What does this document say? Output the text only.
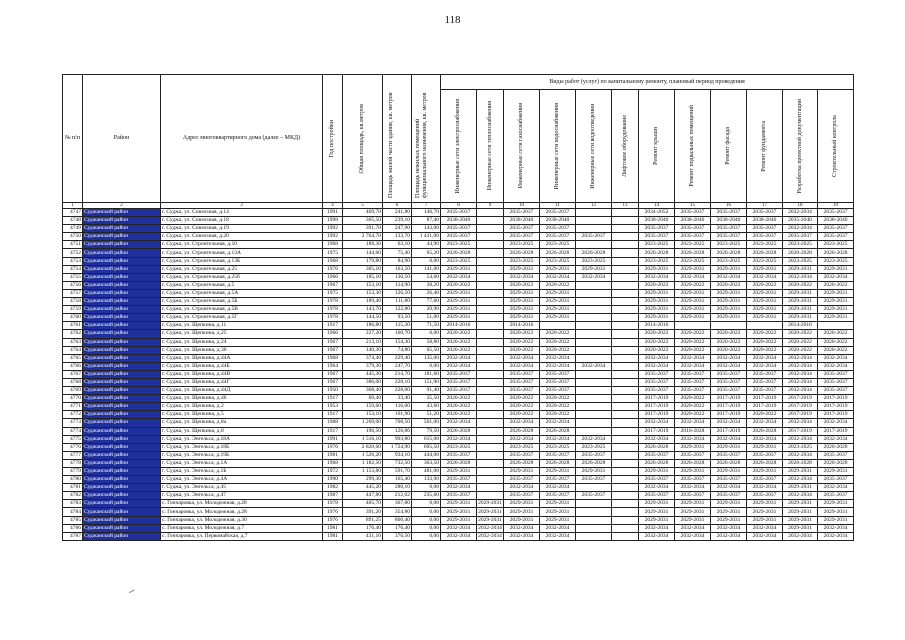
118
№ п/п	Район	Адрес многоквартирного дома (далее – МКД)	Год постройки	Общая площадь, кв.метров	Площадь жилой части здания, кв. метров	Площадь нежилых помещений функционального назначения, кв. метров	Виды работ (услуг) по капитальному ремонту, плановый период проведения											

							Инженерные сети электроснабжения	Инженерные сети теплоснабжения	Инженерные сети газоснабжения	Инженерные сети водоснабжения	Инженерные сети водоотведения	Лифтовое оборудование	Ремонт крыши	Ремонт подвальных помещений	Ремонт фасада	Ремонт фундамента	Разработка проектной документации	Строительный контроль

1	2	3	4	5	6	7	8	9	10	11	12	13	14	15	16	17	18	19
4747	Суджанский район	г. Суджа, ул. Совхозная, д.14	1991	469,70	241,80	146,70	2035-2037		2035-2037	2035-2037			2034-2052	2035-2037	2035-2037	2035-2037	2032-2034	2035-2037
4748	Суджанский район	г. Суджа, ул. Совхозная, д.18	1998	365,50	239,10	87,40	2038-2040		2038-2040	2038-2040			2038-2040	2038-2040	2038-2040	2038-2040	2035-2040	2038-2040
4749	Суджанский район	г. Суджа, ул. Совхозная, д.19	1992	391,70	247,90	143,00	2035-2037		2035-2037	2035-2037			2035-2037	2035-2037	2035-2037	2035-2037	2032-2034	2035-2037
4750	Суджанский район	г. Суджа, ул. Совхозная, д.20	1992	2 764,70	133,70	1 431,00	2035-2037		2035-2037	2035-2037	2035-2037		2035-2037	2035-2037	2035-2037	2035-2037	2035-2037	2035-2037
4751	Суджанский район	г. Суджа, ул. Строительная, д.10	1968	188,30	63,10	44,90	2023-2025		2023-2025	2023-2025			2023-2025	2023-2025	2023-2025	2023-2025	2023-2025	2023-2025
4752	Суджанский район	г. Суджа, ул. Строительная, д.13А	1975	144,60	75,40	65,20	2026-2028		2026-2028	2026-2028	2026-2028		2026-2028	2026-2028	2026-2028	2026-2028	2026-2028	2026-2028
4753	Суджанский район	г. Суджа, ул. Строительная, д.13Б	1968	179,80	84,90	0,00	2023-2025		2023-2025	2023-2025	2023-2025		2023-2025	2023-2025	2023-2025	2023-2025	2023-2025	2023-2025
4754	Суджанский район	г. Суджа, ул. Строительная, д.25	1976	305,10	163,50	141,00	2029-2031		2029-2031	2029-2031	2029-2031		2029-2031	2029-2031	2029-2031	2029-2031	2029-2031	2029-2031
4755	Суджанский район	г. Суджа, ул. Строительная, д.25б	1966	185,10	130,50	54,60	2032-2034		2032-2034	2032-2034	2032-2034		2032-2034	2032-2034	2032-2034	2032-2034	2032-2034	2032-2034
4756	Суджанский район	г. Суджа, ул. Строительная, д.5	1967	153,10	114,90	38,20	2020-2022		2020-2022	2020-2022			2020-2022	2020-2022	2020-2022	2020-2022	2020-2022	2020-2022
4757	Суджанский район	г. Суджа, ул. Строительная, д.5А	1975	153,30	126,50	26,40	2029-2031		2029-2031	2029-2031			2029-2031	2029-2031	2029-2031	2029-2031	2029-2031	2029-2031
4758	Суджанский район	г. Суджа, ул. Строительная, д.5Б	1978	189,40	111,80	77,60	2029-2031		2029-2031	2029-2031			2029-2031	2029-2031	2029-2031	2029-2031	2029-2031	2029-2031
4759	Суджанский район	г. Суджа, ул. Строительная, д.5В	1978	143,70	122,80	20,90	2029-2031		2029-2031	2029-2031			2029-2031	2029-2031	2029-2031	2029-2031	2029-2031	2029-2031
4760	Суджанский район	г. Суджа, ул. Строительная, д.5Г	1978	144,50	93,50	51,00	2029-2031		2029-2031	2029-2031			2029-2031	2029-2031	2029-2031	2029-2031	2029-2031	2029-2031
4761	Суджанский район	г. Суджа, ул. Щепкина, д.11	1917	186,80	115,30	71,50	2014-2016		2014-2016				2014-2016				2014-2016	
4762	Суджанский район	г. Суджа, ул. Щепкина, д.25	1966	227,20	160,70	0,00	2020-2022		2020-2022	2020-2022			2020-2022	2020-2022	2020-2022	2020-2022	2020-2022	2020-2022
4763	Суджанский район	г. Суджа, ул. Щепкина, д.24	1967	213,10	154,30	58,80	2020-2022		2020-2022	2020-2022			2020-2022	2020-2022	2020-2022	2020-2022	2020-2022	2020-2022
4764	Суджанский район	г. Суджа, ул. Щепкина, д.30	1967	140,30	74,80	65,50	2020-2022		2020-2022	2020-2022			2020-2022	2020-2022	2020-2022	2020-2022	2020-2022	2020-2022
4765	Суджанский район	г. Суджа, ул. Щепкина, д.44А	1968	374,40	229,40	135,00	2032-2034		2032-2034	2032-2034			2032-2034	2032-2034	2032-2034	2032-2034	2032-2034	2032-2034
4766	Суджанский район	г. Суджа, ул. Щепкина, д.44Б	1964	379,30	247,70	0,00	2032-2034		2032-2034	2032-2034	2032-2034		2032-2034	2032-2034	2032-2034	2032-2034	2032-2034	2032-2034
4767	Суджанский район	г. Суджа, ул. Щепкина, д.44В	1967	445,30	214,70	181,60	2035-2037		2035-2037	2035-2037			2035-2037	2035-2037	2035-2037	2035-2037	2032-2034	2035-2037
4768	Суджанский район	г. Суджа, ул. Щепкина, д.44Г	1967	386,00	228,10	151,90	2035-2037		2035-2037	2035-2037			2035-2037	2035-2037	2035-2037	2035-2037	2032-2034	2035-2037
4769	Суджанский район	г. Суджа, ул. Щепкина, д.44Д	1950	368,40	228,00	91,40	2035-2037		2035-2037	2035-2037			2035-2037	2035-2037	2035-2037	2035-2037	2032-2034	2035-2037
4770	Суджанский район	г. Суджа, ул. Щепкина, д.46	1917	69,40	33,40	35,50	2020-2022		2020-2022	2020-2022			2017-2019	2020-2022	2017-2019	2017-2019	2017-2019	2017-2019
4771	Суджанский район	г. Суджа, ул. Щепкина, д.2	1953	159,60	116,00	43,60	2020-2022		2020-2022	2020-2022			2017-2019	2020-2022	2017-2019	2017-2019	2017-2019	2017-2019
4772	Суджанский район	г. Суджа, ул. Щепкина, д.5	1917	153,10	101,90	51,20	2020-2022		2020-2022	2020-2022			2017-2019	2020-2022	2017-2019	2020-2022	2017-2019	2017-2019
4773	Суджанский район	г. Суджа, ул. Щепкина, д.8а	1988	1 269,00	708,50	561,00	2032-2034		2032-2034	2032-2034			2032-2034	2032-2034	2032-2034	2032-2034	2032-2034	2032-2034
4774	Суджанский район	г. Суджа, ул. Щепкина, д.8	1917	196,50	126,86	79,50	2026-2028		2026-2028	2026-2028			2017-2019	2016-2028	2017-2019	2026-2028	2017-2019	2017-2019
4775	Суджанский район	г. Суджа, ул. Энгельса, д.18А	1991	1 516,10	903,80	615,00	2032-2034		2032-2034	2032-2034	2032-2034		2032-2034	2032-2034	2032-2034	2032-2034	2032-2034	2032-2034
4776	Суджанский район	г. Суджа, ул. Энгельса, д.18Б	1976	2 820,60	1 724,90	695,50	2023-2025		2023-2025	2023-2025	2023-2025		2026-2028	2029-2031	2029-2031	2029-2031	2023-2025	2026-2028
4777	Суджанский район	г. Суджа, ул. Энгельса, д.19Б	1981	1 526,20	934,10	444,00	2035-2037		2035-2037	2035-2037	2035-2037		2035-2037	2035-2037	2035-2037	2035-2037	2032-2034	2035-2037
4778	Суджанский район	г. Суджа, ул. Энгельса, д.1А	1968	1 182,50	732,50	363,50	2026-2028		2026-2028	2026-2028	2026-2028		2026-2028	2026-2028	2026-2028	2026-2028	2026-2028	2026-2028
4779	Суджанский район	г. Суджа, ул. Энгельса, д.1Б	1972	1 153,80	591,70	481,00	2029-2031		2029-2031	2029-2031	2029-2031		2029-2031	2029-2031	2029-2031	2029-2031	2029-2031	2029-2031
4780	Суджанский район	г. Суджа, ул. Энгельса, д.4А	1990	299,30	165,40	133,90	2035-2037		2035-2037	2035-2037	2035-2037		2035-2037	2035-2037	2035-2037	2035-2037	2032-2034	2035-2037
4781	Суджанский район	г. Суджа, ул. Энгельса, д.45	1982	445,20	280,10	0,00	2032-2034		2032-2034	2032-2034			2032-2034	2032-2034	2032-2034	2032-2034	2029-2031	2032-2034
4782	Суджанский район	г. Суджа, ул. Энгельса, д.47	1987	447,80	212,02	235,60	2035-2037		2035-2037	2035-2037	2035-2037		2035-2037	2035-2037	2035-2037	2035-2037	2032-2034	2035-2037
4783	Суджанский район	с. Гончаровка, ул. Молодежная, д.28	1978	405,70	367,80	0,00	2029-2031	2029-2031	2029-2031	2029-2031			2029-2031	2029-2031	2029-2031	2029-2031	2029-2031	2029-2031
4784	Суджанский район	с. Гончаровка, ул. Молодежная, д.28	1976	391,20	354,80	0,00	2029-2031	2029-2031	2029-2031	2029-2031			2029-2031	2029-2031	2029-2031	2029-2031	2029-2031	2029-2031
4785	Суджанский район	с. Гончаровка, ул. Молодежная, д.30	1976	891,25	860,40	0,00	2029-2031	2029-2031	2029-2031	2029-2031			2029-2031	2029-2031	2029-2031	2029-2031	2029-2031	2029-2031
4786	Суджанский район	с. Гончаровка, ул. Молодежная, д.7	1981	176,40	176,40	0,00	2032-2034	2032-2034	2032-2034	2032-2034			2032-2034	2032-2034	2032-2034	2032-2034	2029-2031	2032-2034
4787	Суджанский район	с. Гончаровка, ул. Первомайская, д.7	1981	431,10	376,50	0,00	2032-2034	2032-2034	2032-2034	2032-2034			2032-2034	2032-2034	2032-2034	2032-2034	2032-2034	2032-2034
